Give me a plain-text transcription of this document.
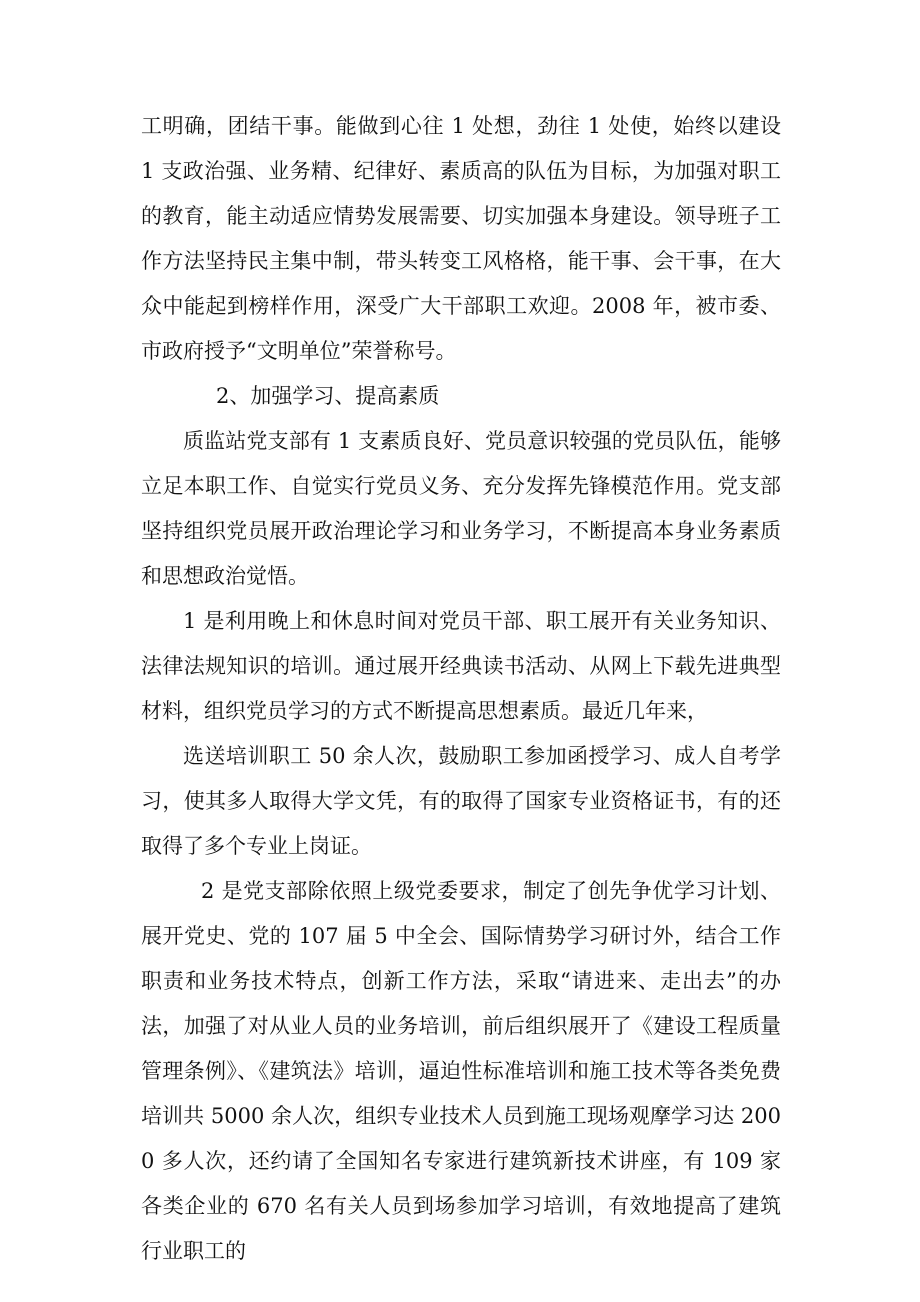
工明确，团结干事。能做到心往 1 处想，劲往 1 处使，始终以建设 1 支政治强、业务精、纪律好、素质高的队伍为目标，为加强对职工的教育，能主动适应情势发展需要、切实加强本身建设。领导班子工作方法坚持民主集中制，带头转变工风格格，能干事、会干事，在大众中能起到榜样作用，深受广大干部职工欢迎。2008 年，被市委、市政府授予“文明单位”荣誉称号。

2、加强学习、提高素质

质监站党支部有 1 支素质良好、党员意识较强的党员队伍，能够立足本职工作、自觉实行党员义务、充分发挥先锋模范作用。党支部坚持组织党员展开政治理论学习和业务学习，不断提高本身业务素质和思想政治觉悟。

1 是利用晚上和休息时间对党员干部、职工展开有关业务知识、法律法规知识的培训。通过展开经典读书活动、从网上下载先进典型材料，组织党员学习的方式不断提高思想素质。最近几年来，

选送培训职工 50 余人次，鼓励职工参加函授学习、成人自考学习，使其多人取得大学文凭，有的取得了国家专业资格证书，有的还取得了多个专业上岗证。

2 是党支部除依照上级党委要求，制定了创先争优学习计划、展开党史、党的 107 届 5 中全会、国际情势学习研讨外，结合工作职责和业务技术特点，创新工作方法，采取“请进来、走出去”的办法，加强了对从业人员的业务培训，前后组织展开了《建设工程质量管理条例》、《建筑法》培训，逼迫性标准培训和施工技术等各类免费培训共 5000 余人次，组织专业技术人员到施工现场观摩学习达 2000 多人次，还约请了全国知名专家进行建筑新技术讲座，有 109 家各类企业的 670 名有关人员到场参加学习培训，有效地提高了建筑行业职工的
